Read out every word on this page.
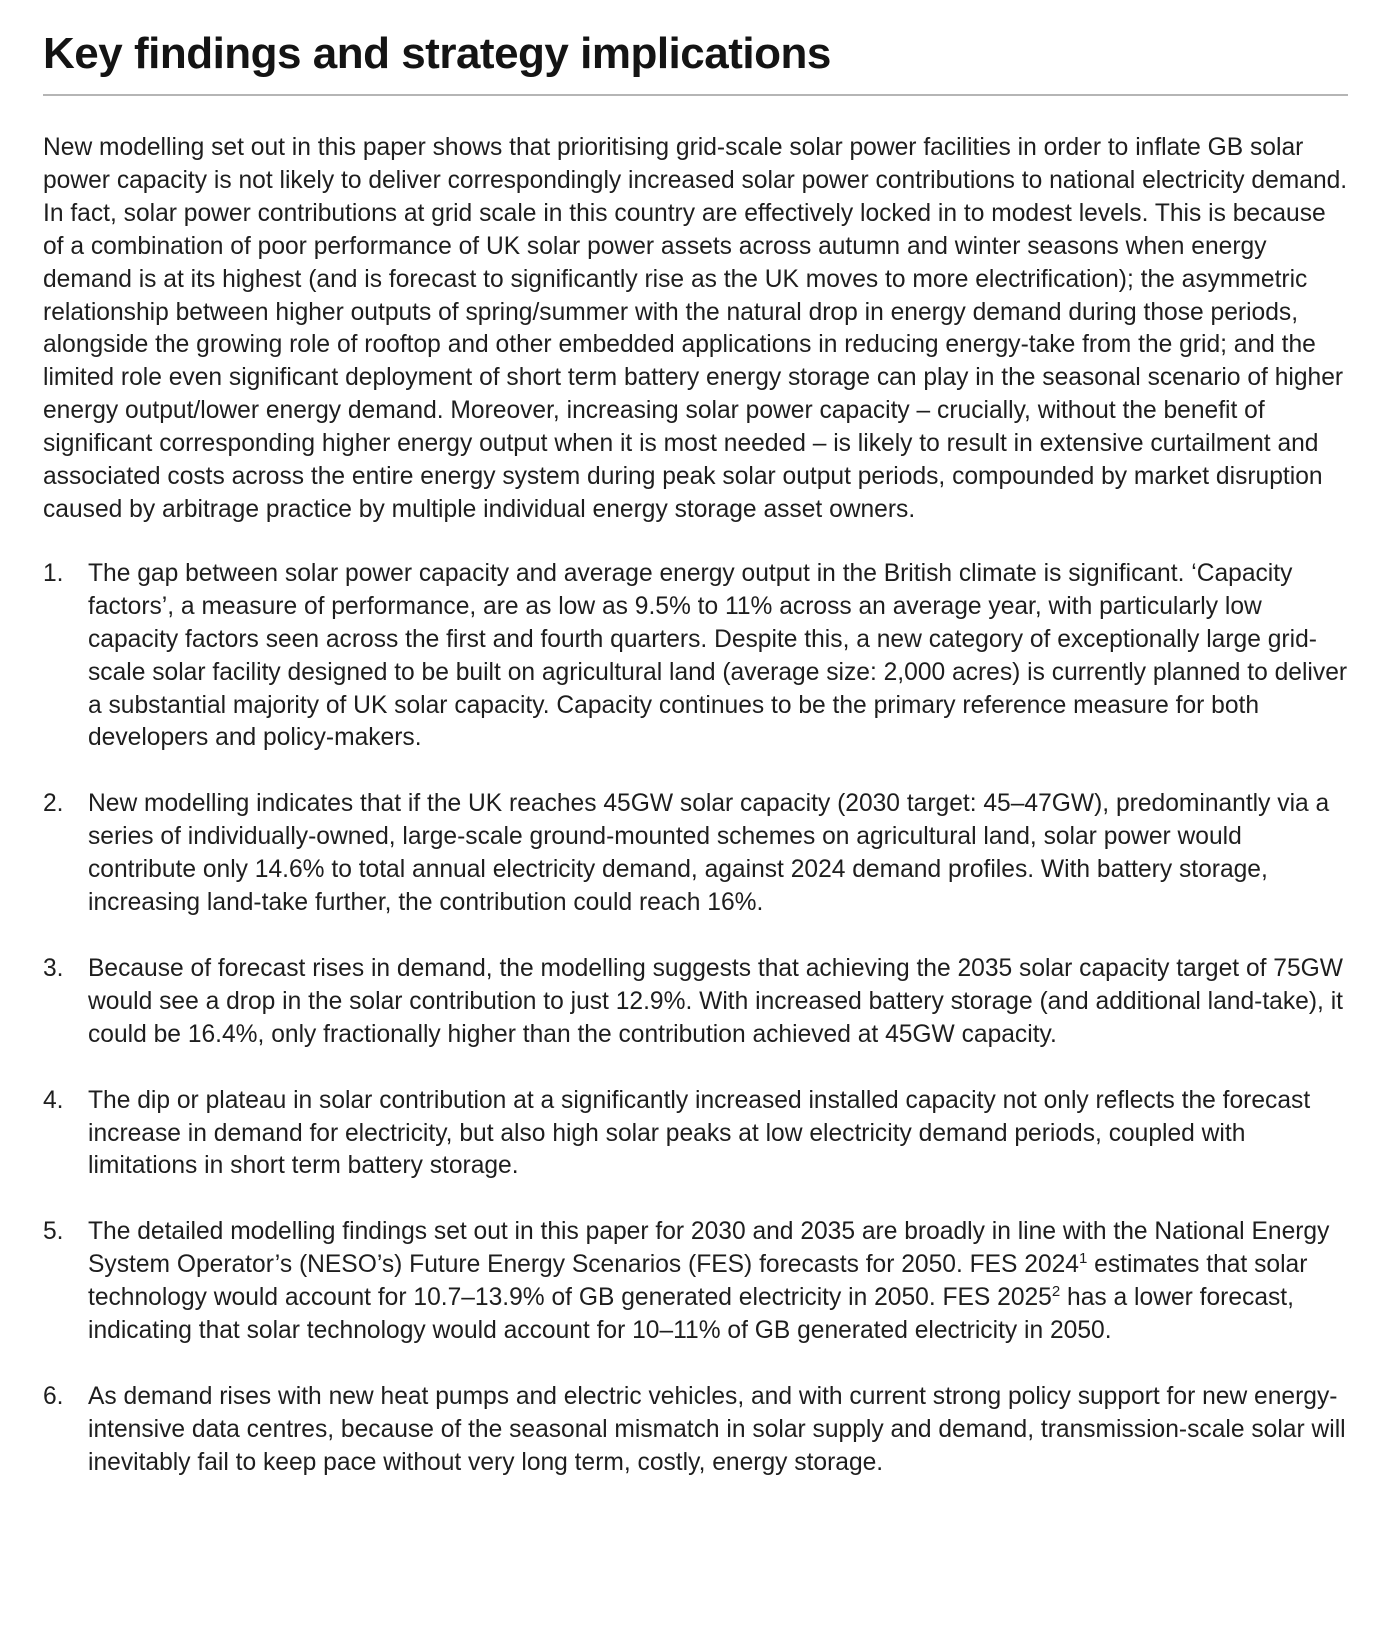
Key findings and strategy implications

New modelling set out in this paper shows that prioritising grid-scale solar power facilities in order to inflate GB solar power capacity is not likely to deliver correspondingly increased solar power contributions to national electricity demand. In fact, solar power contributions at grid scale in this country are effectively locked in to modest levels. This is because of a combination of poor performance of UK solar power assets across autumn and winter seasons when energy demand is at its highest (and is forecast to significantly rise as the UK moves to more electrification); the asymmetric relationship between higher outputs of spring/summer with the natural drop in energy demand during those periods, alongside the growing role of rooftop and other embedded applications in reducing energy-take from the grid; and the limited role even significant deployment of short term battery energy storage can play in the seasonal scenario of higher energy output/lower energy demand. Moreover, increasing solar power capacity – crucially, without the benefit of significant corresponding higher energy output when it is most needed – is likely to result in extensive curtailment and associated costs across the entire energy system during peak solar output periods, compounded by market disruption caused by arbitrage practice by multiple individual energy storage asset owners.

1. The gap between solar power capacity and average energy output in the British climate is significant. ‘Capacity factors’, a measure of performance, are as low as 9.5% to 11% across an average year, with particularly low capacity factors seen across the first and fourth quarters. Despite this, a new category of exceptionally large grid-scale solar facility designed to be built on agricultural land (average size: 2,000 acres) is currently planned to deliver a substantial majority of UK solar capacity. Capacity continues to be the primary reference measure for both developers and policy-makers.
2. New modelling indicates that if the UK reaches 45GW solar capacity (2030 target: 45–47GW), predominantly via a series of individually-owned, large-scale ground-mounted schemes on agricultural land, solar power would contribute only 14.6% to total annual electricity demand, against 2024 demand profiles. With battery storage, increasing land-take further, the contribution could reach 16%.
3. Because of forecast rises in demand, the modelling suggests that achieving the 2035 solar capacity target of 75GW would see a drop in the solar contribution to just 12.9%. With increased battery storage (and additional land-take), it could be 16.4%, only fractionally higher than the contribution achieved at 45GW capacity.
4. The dip or plateau in solar contribution at a significantly increased installed capacity not only reflects the forecast increase in demand for electricity, but also high solar peaks at low electricity demand periods, coupled with limitations in short term battery storage.
5. The detailed modelling findings set out in this paper for 2030 and 2035 are broadly in line with the National Energy System Operator’s (NESO’s) Future Energy Scenarios (FES) forecasts for 2050. FES 2024$^1$ estimates that solar technology would account for 10.7–13.9% of GB generated electricity in 2050. FES 2025$^2$ has a lower forecast, indicating that solar technology would account for 10–11% of GB generated electricity in 2050.
6. As demand rises with new heat pumps and electric vehicles, and with current strong policy support for new energy-intensive data centres, because of the seasonal mismatch in solar supply and demand, transmission-scale solar will inevitably fail to keep pace without very long term, costly, energy storage.
